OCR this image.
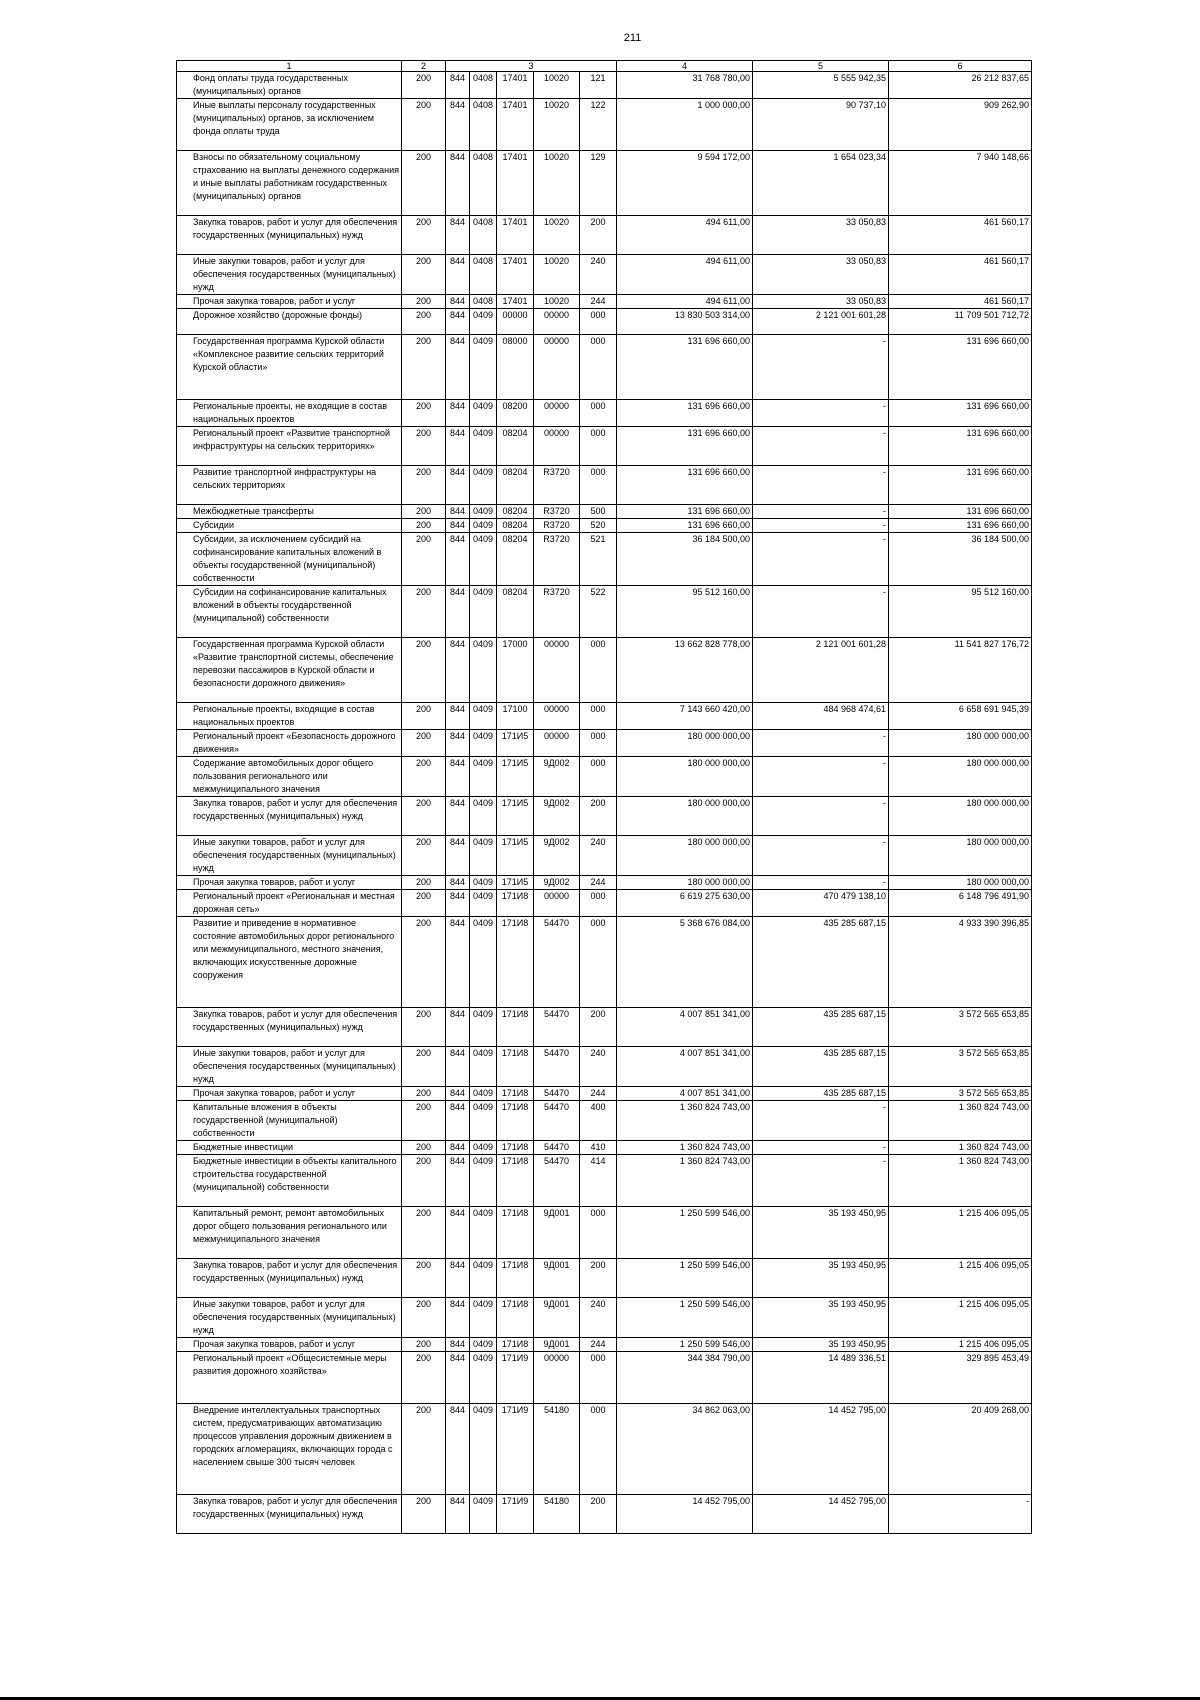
211
1	2	3					4	5	6
Фонд оплаты труда государственных (муниципальных) органов	200	844	0408	17401	10020	121	31 768 780,00	5 555 942,35	26 212 837,65
Иные выплаты персоналу государственных (муниципальных) органов, за исключением фонда оплаты труда	200	844	0408	17401	10020	122	1 000 000,00	90 737,10	909 262,90
Взносы по обязательному социальному страхованию на выплаты денежного содержания и иные выплаты работникам государственных (муниципальных) органов	200	844	0408	17401	10020	129	9 594 172,00	1 654 023,34	7 940 148,66
Закупка товаров, работ и услуг для обеспечения государственных (муниципальных) нужд	200	844	0408	17401	10020	200	494 611,00	33 050,83	461 560,17
Иные закупки товаров, работ и услуг для обеспечения государственных (муниципальных) нужд	200	844	0408	17401	10020	240	494 611,00	33 050,83	461 560,17
Прочая закупка товаров, работ и услуг	200	844	0408	17401	10020	244	494 611,00	33 050,83	461 560,17
Дорожное хозяйство (дорожные фонды)	200	844	0409	00000	00000	000	13 830 503 314,00	2 121 001 601,28	11 709 501 712,72
Государственная программа Курской области «Комплексное развитие сельских территорий Курской области»	200	844	0409	08000	00000	000	131 696 660,00	-	131 696 660,00
Региональные проекты, не входящие в состав национальных проектов	200	844	0409	08200	00000	000	131 696 660,00	-	131 696 660,00
Региональный проект «Развитие транспортной инфраструктуры на сельских территориях»	200	844	0409	08204	00000	000	131 696 660,00	-	131 696 660,00
Развитие транспортной инфраструктуры на сельских территориях	200	844	0409	08204	R3720	000	131 696 660,00	-	131 696 660,00
Межбюджетные трансферты	200	844	0409	08204	R3720	500	131 696 660,00	-	131 696 660,00
Субсидии	200	844	0409	08204	R3720	520	131 696 660,00	-	131 696 660,00
Субсидии, за исключением субсидий на софинансирование капитальных вложений в объекты государственной (муниципальной) собственности	200	844	0409	08204	R3720	521	36 184 500,00	-	36 184 500,00
Субсидии на софинансирование капитальных вложений в объекты государственной (муниципальной) собственности	200	844	0409	08204	R3720	522	95 512 160,00	-	95 512 160,00
Государственная программа Курской области «Развитие транспортной системы, обеспечение перевозки пассажиров в Курской области и безопасности дорожного движения»	200	844	0409	17000	00000	000	13 662 828 778,00	2 121 001 601,28	11 541 827 176,72
Региональные проекты, входящие в состав национальных проектов	200	844	0409	17100	00000	000	7 143 660 420,00	484 968 474,61	6 658 691 945,39
Региональный проект «Безопасность дорожного движения»	200	844	0409	171И5	00000	000	180 000 000,00	-	180 000 000,00
Содержание автомобильных дорог общего пользования регионального или межмуниципального значения	200	844	0409	171И5	9Д002	000	180 000 000,00	-	180 000 000,00
Закупка товаров, работ и услуг для обеспечения государственных (муниципальных) нужд	200	844	0409	171И5	9Д002	200	180 000 000,00	-	180 000 000,00
Иные закупки товаров, работ и услуг для обеспечения государственных (муниципальных) нужд	200	844	0409	171И5	9Д002	240	180 000 000,00	-	180 000 000,00
Прочая закупка товаров, работ и услуг	200	844	0409	171И5	9Д002	244	180 000 000,00	-	180 000 000,00
Региональный проект «Региональная и местная дорожная сеть»	200	844	0409	171И8	00000	000	6 619 275 630,00	470 479 138,10	6 148 796 491,90
Развитие и приведение в нормативное состояние автомобильных дорог регионального или межмуниципального, местного значения, включающих искусственные дорожные сооружения	200	844	0409	171И8	54470	000	5 368 676 084,00	435 285 687,15	4 933 390 396,85
Закупка товаров, работ и услуг для обеспечения государственных (муниципальных) нужд	200	844	0409	171И8	54470	200	4 007 851 341,00	435 285 687,15	3 572 565 653,85
Иные закупки товаров, работ и услуг для обеспечения государственных (муниципальных) нужд	200	844	0409	171И8	54470	240	4 007 851 341,00	435 285 687,15	3 572 565 653,85
Прочая закупка товаров, работ и услуг	200	844	0409	171И8	54470	244	4 007 851 341,00	435 285 687,15	3 572 565 653,85
Капитальные вложения в объекты государственной (муниципальной) собственности	200	844	0409	171И8	54470	400	1 360 824 743,00	-	1 360 824 743,00
Бюджетные инвестиции	200	844	0409	171И8	54470	410	1 360 824 743,00	-	1 360 824 743,00
Бюджетные инвестиции в объекты капитального строительства государственной (муниципальной) собственности	200	844	0409	171И8	54470	414	1 360 824 743,00	-	1 360 824 743,00
Капитальный ремонт, ремонт автомобильных дорог общего пользования регионального или межмуниципального значения	200	844	0409	171И8	9Д001	000	1 250 599 546,00	35 193 450,95	1 215 406 095,05
Закупка товаров, работ и услуг для обеспечения государственных (муниципальных) нужд	200	844	0409	171И8	9Д001	200	1 250 599 546,00	35 193 450,95	1 215 406 095,05
Иные закупки товаров, работ и услуг для обеспечения государственных (муниципальных) нужд	200	844	0409	171И8	9Д001	240	1 250 599 546,00	35 193 450,95	1 215 406 095,05
Прочая закупка товаров, работ и услуг	200	844	0409	171И8	9Д001	244	1 250 599 546,00	35 193 450,95	1 215 406 095,05
Региональный проект «Общесистемные меры развития дорожного хозяйства»	200	844	0409	171И9	00000	000	344 384 790,00	14 489 336,51	329 895 453,49
Внедрение интеллектуальных транспортных систем, предусматривающих автоматизацию процессов управления дорожным движением в городских агломерациях, включающих города с населением свыше 300 тысяч человек	200	844	0409	171И9	54180	000	34 862 063,00	14 452 795,00	20 409 268,00
Закупка товаров, работ и услуг для обеспечения государственных (муниципальных) нужд	200	844	0409	171И9	54180	200	14 452 795,00	14 452 795,00	-
